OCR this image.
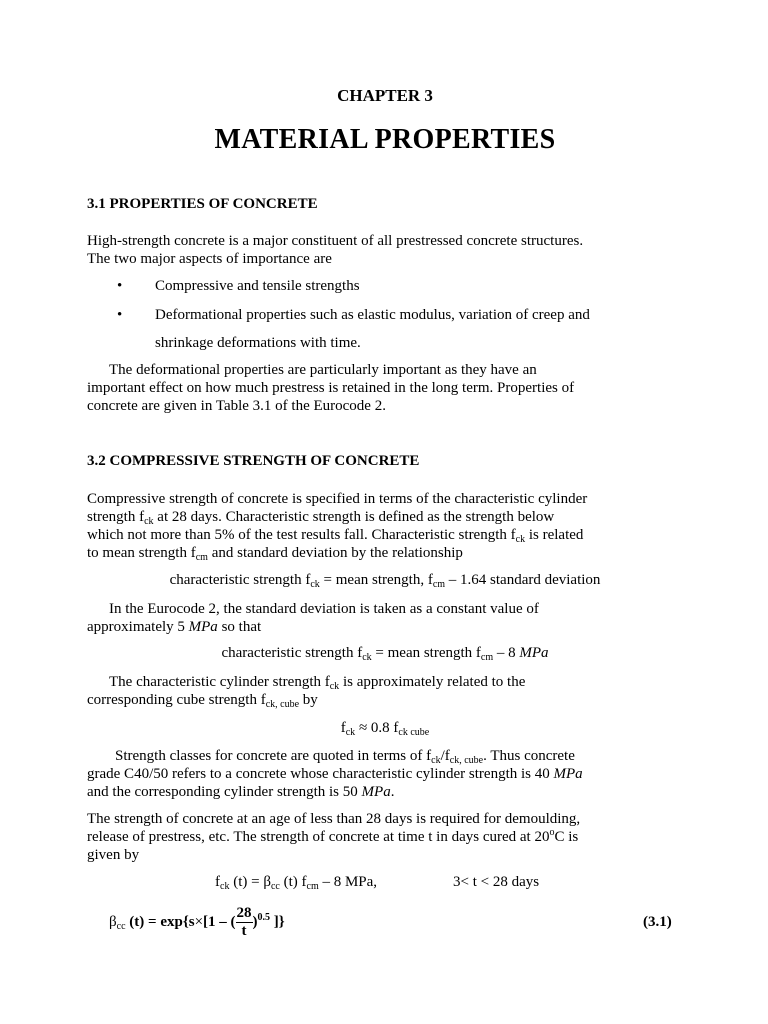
CHAPTER 3
MATERIAL PROPERTIES
3.1 PROPERTIES OF CONCRETE
High-strength concrete is a major constituent of all prestressed concrete structures.
The two major aspects of importance are
• Compressive and tensile strengths
• Deformational properties such as elastic modulus, variation of creep and
shrinkage deformations with time.
The deformational properties are particularly important as they have an
important effect on how much prestress is retained in the long term. Properties of
concrete are given in Table 3.1 of the Eurocode 2.
3.2 COMPRESSIVE STRENGTH OF CONCRETE
Compressive strength of concrete is specified in terms of the characteristic cylinder
strength $f_{ck}$ at 28 days. Characteristic strength is defined as the strength below
which not more than 5% of the test results fall. Characteristic strength $f_{ck}$ is related
to mean strength $f_{cm}$ and standard deviation by the relationship
characteristic strength $f_{ck}$ = mean strength, $f_{cm} - 1.64$ standard deviation
In the Eurocode 2, the standard deviation is taken as a constant value of
approximately 5 MPa so that
characteristic strength $f_{ck}$ = mean strength $f_{cm} - 8$ MPa
The characteristic cylinder strength $f_{ck}$ is approximately related to the
corresponding cube strength $f_{ck, cube}$ by
$f_{ck} \approx 0.8$ $f_{ck cube}$
Strength classes for concrete are quoted in terms of $f_{ck}/f_{ck, cube}$. Thus concrete
grade C40/50 refers to a concrete whose characteristic cylinder strength is 40 MPa
and the corresponding cylinder strength is 50 MPa.
The strength of concrete at an age of less than 28 days is required for demoulding,
release of prestress, etc. The strength of concrete at time t in days cured at 20$^o$C is
given by
$f_{ck}$ $(t) = \beta_{cc}$ (t) $f_{cm} - 8$ MPa,	3< t < 28 days
$\beta_{cc}$ (t) = exp{s×[1 – ( $\frac{28}{t} )^{0.5}$ ]}	(3.1)
